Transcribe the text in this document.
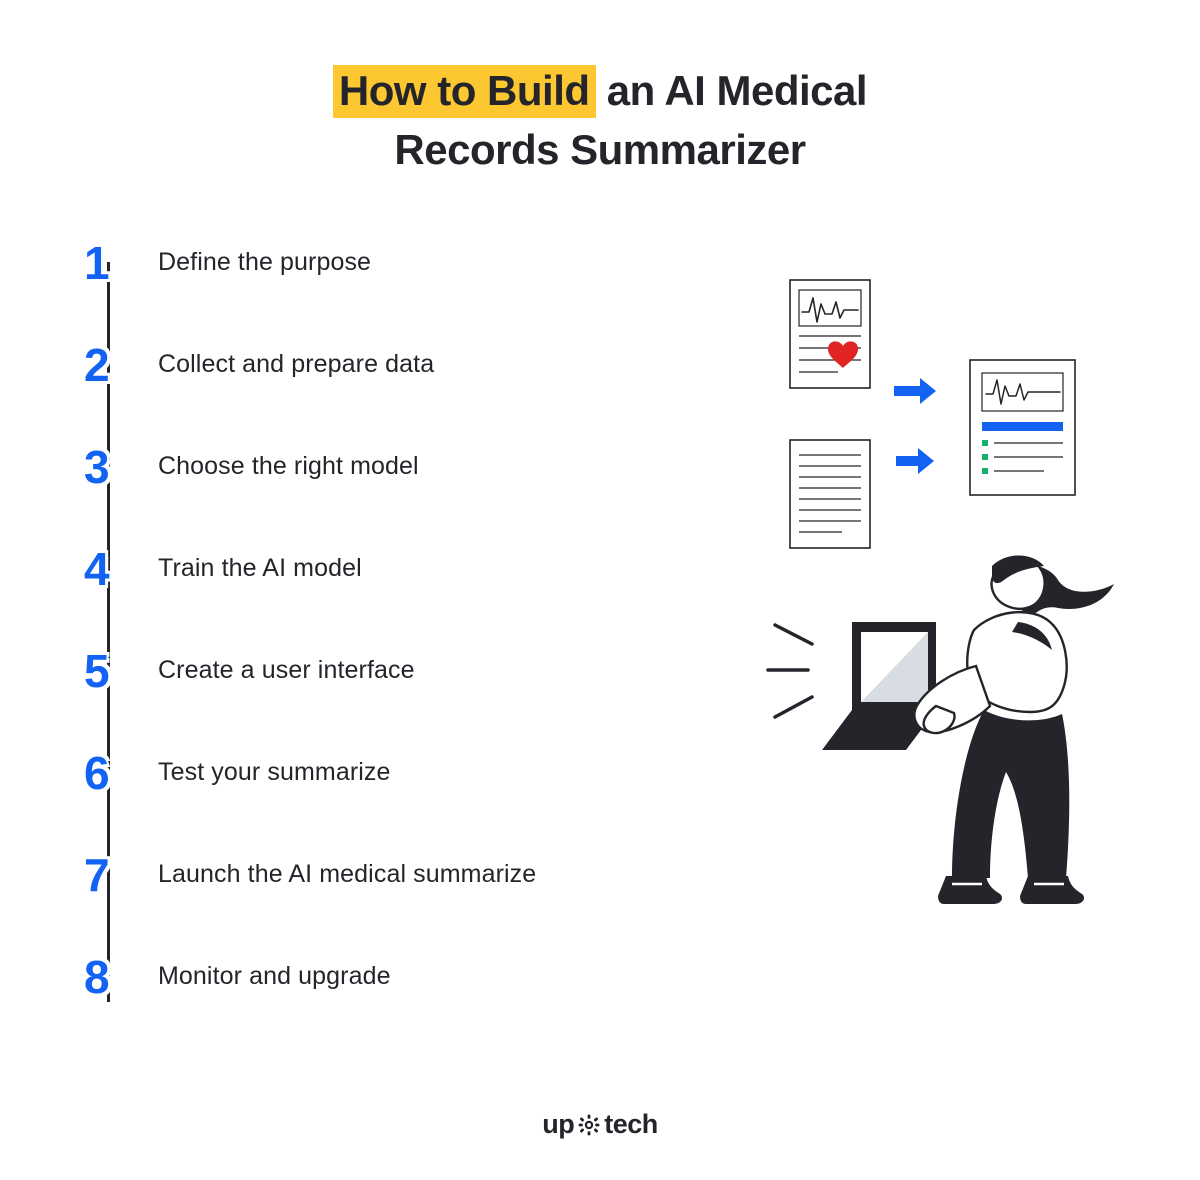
How to Build an AI Medical
Records Summarizer
1	Define the purpose
2	Collect and prepare data
3	Choose the right model
4	Train the AI model
5	Create a user interface
6	Test your summarize
7	Launch the AI medical summarize
8	Monitor and upgrade
up tech
